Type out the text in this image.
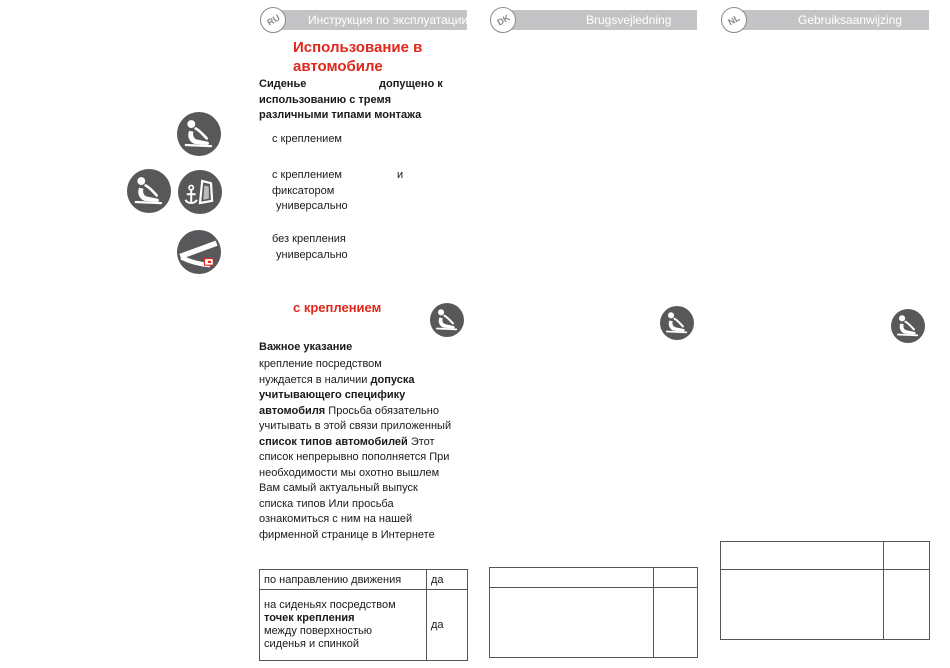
RU Инструкция по эксплуатации	DK	Brugsvejledning	NL	Gebruiksaanwijzing
Использование в автомобиле
Сиденье	допущено к
использованию с тремя
различными типами монтажа
с креплением
с креплением	и
фиксатором
универсально
без крепления
универсально
с креплением
Важное указание
крепление посредством
нуждается в наличии допуска
учитывающего специфику
автомобиля Просьба обязательно
учитывать в этой связи приложенный
список типов автомобилей Этот
список непрерывно пополняется При
необходимости мы охотно вышлем
Вам самый актуальный выпуск
списка типов Или просьба
ознакомиться с ним на нашей
фирменной странице в Интернете
по направлению движения	да

на сиденьях посредством
точек крепления
между поверхностью
сиденья и спинкой	да
